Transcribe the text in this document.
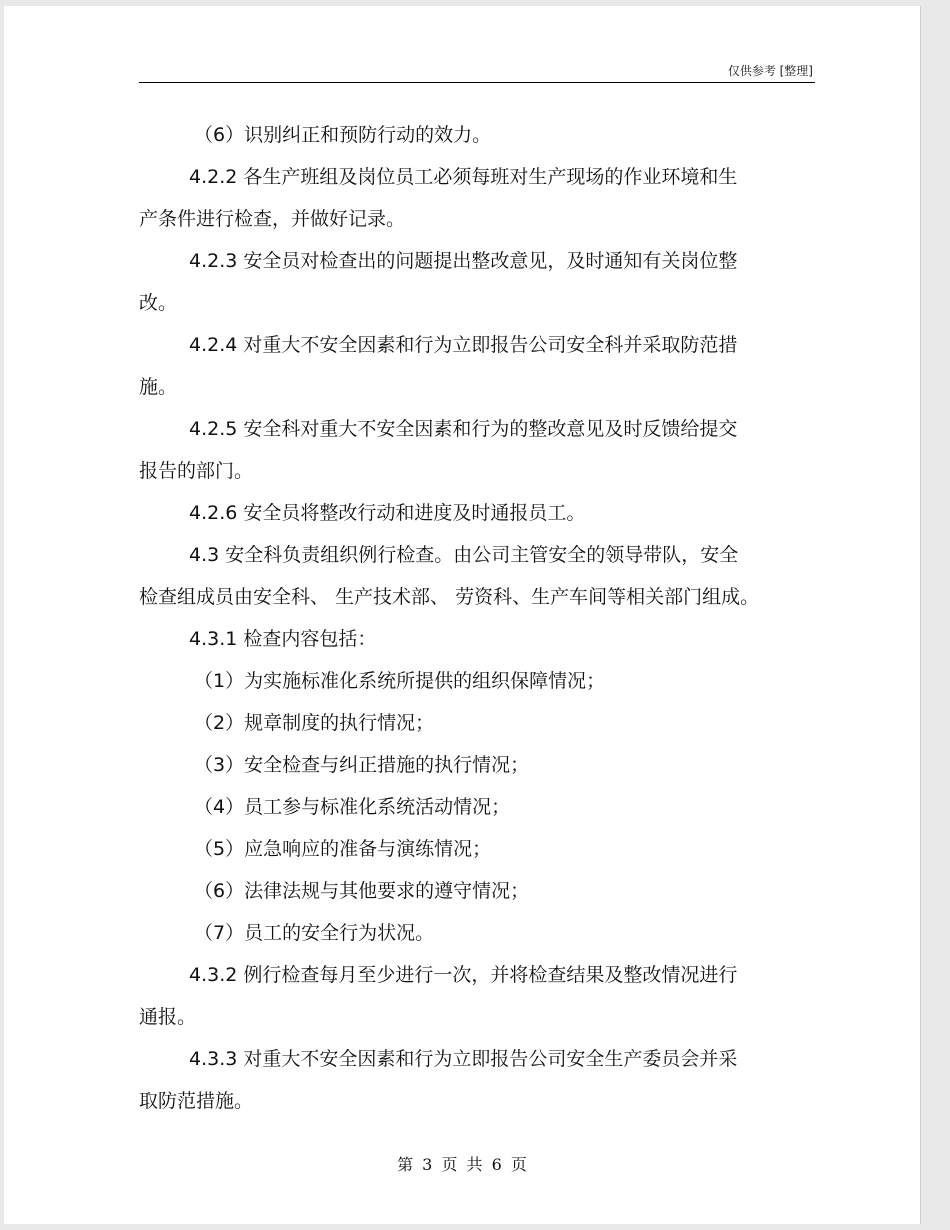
仅供参考 [整理]

（6）识别纠正和预防行动的效力。

4.2.2 各生产班组及岗位员工必须每班对生产现场的作业环境和生

产条件进行检查，并做好记录。

4.2.3 安全员对检查出的问题提出整改意见，及时通知有关岗位整

改。

4.2.4 对重大不安全因素和行为立即报告公司安全科并采取防范措

施。

4.2.5 安全科对重大不安全因素和行为的整改意见及时反馈给提交

报告的部门。

4.2.6 安全员将整改行动和进度及时通报员工。

4.3 安全科负责组织例行检查。由公司主管安全的领导带队，安全

检查组成员由安全科、 生产技术部、 劳资科、生产车间等相关部门组成。

4.3.1 检查内容包括：

（1）为实施标准化系统所提供的组织保障情况；

（2）规章制度的执行情况；

（3）安全检查与纠正措施的执行情况；

（4）员工参与标准化系统活动情况；

（5）应急响应的准备与演练情况；

（6）法律法规与其他要求的遵守情况；

（7）员工的安全行为状况。

4.3.2 例行检查每月至少进行一次，并将检查结果及整改情况进行

通报。

4.3.3 对重大不安全因素和行为立即报告公司安全生产委员会并采

取防范措施。

第 3 页 共 6 页
